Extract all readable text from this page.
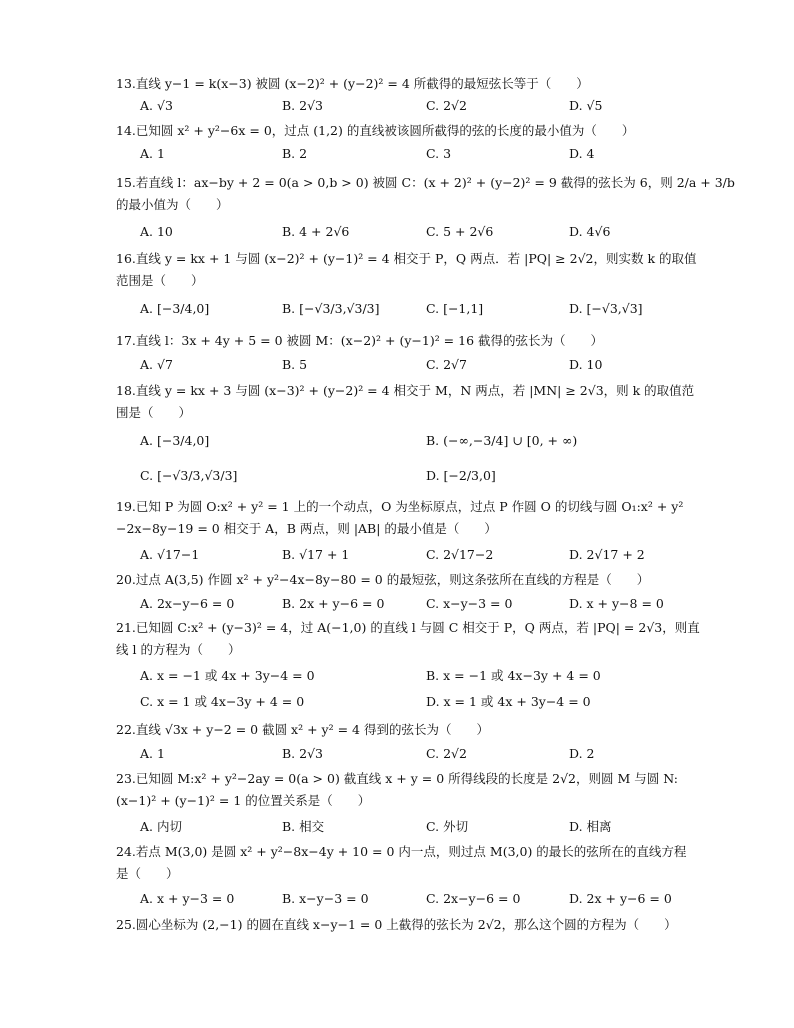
13.直线 y−1 = k(x−3) 被圆 (x−2)² + (y−2)² = 4 所截得的最短弦长等于（　　）
A. √3	B. 2√3	C. 2√2	D. √5
14.已知圆 x² + y²−6x = 0，过点 (1,2) 的直线被该圆所截得的弦的长度的最小值为（　　）
A. 1	B. 2	C. 3	D. 4
15.若直线 l：ax−by + 2 = 0(a > 0,b > 0) 被圆 C：(x + 2)² + (y−2)² = 9 截得的弦长为 6，则 2/a + 3/b
的最小值为（　　）
A. 10	B. 4 + 2√6	C. 5 + 2√6	D. 4√6
16.直线 y = kx + 1 与圆 (x−2)² + (y−1)² = 4 相交于 P，Q 两点．若 |PQ| ≥ 2√2，则实数 k 的取值
范围是（　　）
A. [−3/4,0]	B. [−√3/3,√3/3]	C. [−1,1]	D. [−√3,√3]
17.直线 l：3x + 4y + 5 = 0 被圆 M：(x−2)² + (y−1)² = 16 截得的弦长为（　　）
A. √7	B. 5	C. 2√7	D. 10
18.直线 y = kx + 3 与圆 (x−3)² + (y−2)² = 4 相交于 M，N 两点，若 |MN| ≥ 2√3，则 k 的取值范
围是（　　）
A. [−3/4,0]	B. (−∞,−3/4] ∪ [0, + ∞)
C. [−√3/3,√3/3]	D. [−2/3,0]
19.已知 P 为圆 O:x² + y² = 1 上的一个动点，O 为坐标原点，过点 P 作圆 O 的切线与圆 O₁:x² + y²
−2x−8y−19 = 0 相交于 A，B 两点，则 |AB| 的最小值是（　　）
A. √17−1	B. √17 + 1	C. 2√17−2	D. 2√17 + 2
20.过点 A(3,5) 作圆 x² + y²−4x−8y−80 = 0 的最短弦，则这条弦所在直线的方程是（　　）
A. 2x−y−6 = 0	B. 2x + y−6 = 0	C. x−y−3 = 0	D. x + y−8 = 0
21.已知圆 C:x² + (y−3)² = 4，过 A(−1,0) 的直线 l 与圆 C 相交于 P，Q 两点，若 |PQ| = 2√3，则直
线 l 的方程为（　　）
A. x = −1 或 4x + 3y−4 = 0	B. x = −1 或 4x−3y + 4 = 0
C. x = 1 或 4x−3y + 4 = 0	D. x = 1 或 4x + 3y−4 = 0
22.直线 √3x + y−2 = 0 截圆 x² + y² = 4 得到的弦长为（　　）
A. 1	B. 2√3	C. 2√2	D. 2
23.已知圆 M:x² + y²−2ay = 0(a > 0) 截直线 x + y = 0 所得线段的长度是 2√2，则圆 M 与圆 N:
(x−1)² + (y−1)² = 1 的位置关系是（　　）
A. 内切	B. 相交	C. 外切	D. 相离
24.若点 M(3,0) 是圆 x² + y²−8x−4y + 10 = 0 内一点，则过点 M(3,0) 的最长的弦所在的直线方程
是（　　）
A. x + y−3 = 0	B. x−y−3 = 0	C. 2x−y−6 = 0	D. 2x + y−6 = 0
25.圆心坐标为 (2,−1) 的圆在直线 x−y−1 = 0 上截得的弦长为 2√2，那么这个圆的方程为（　　）
